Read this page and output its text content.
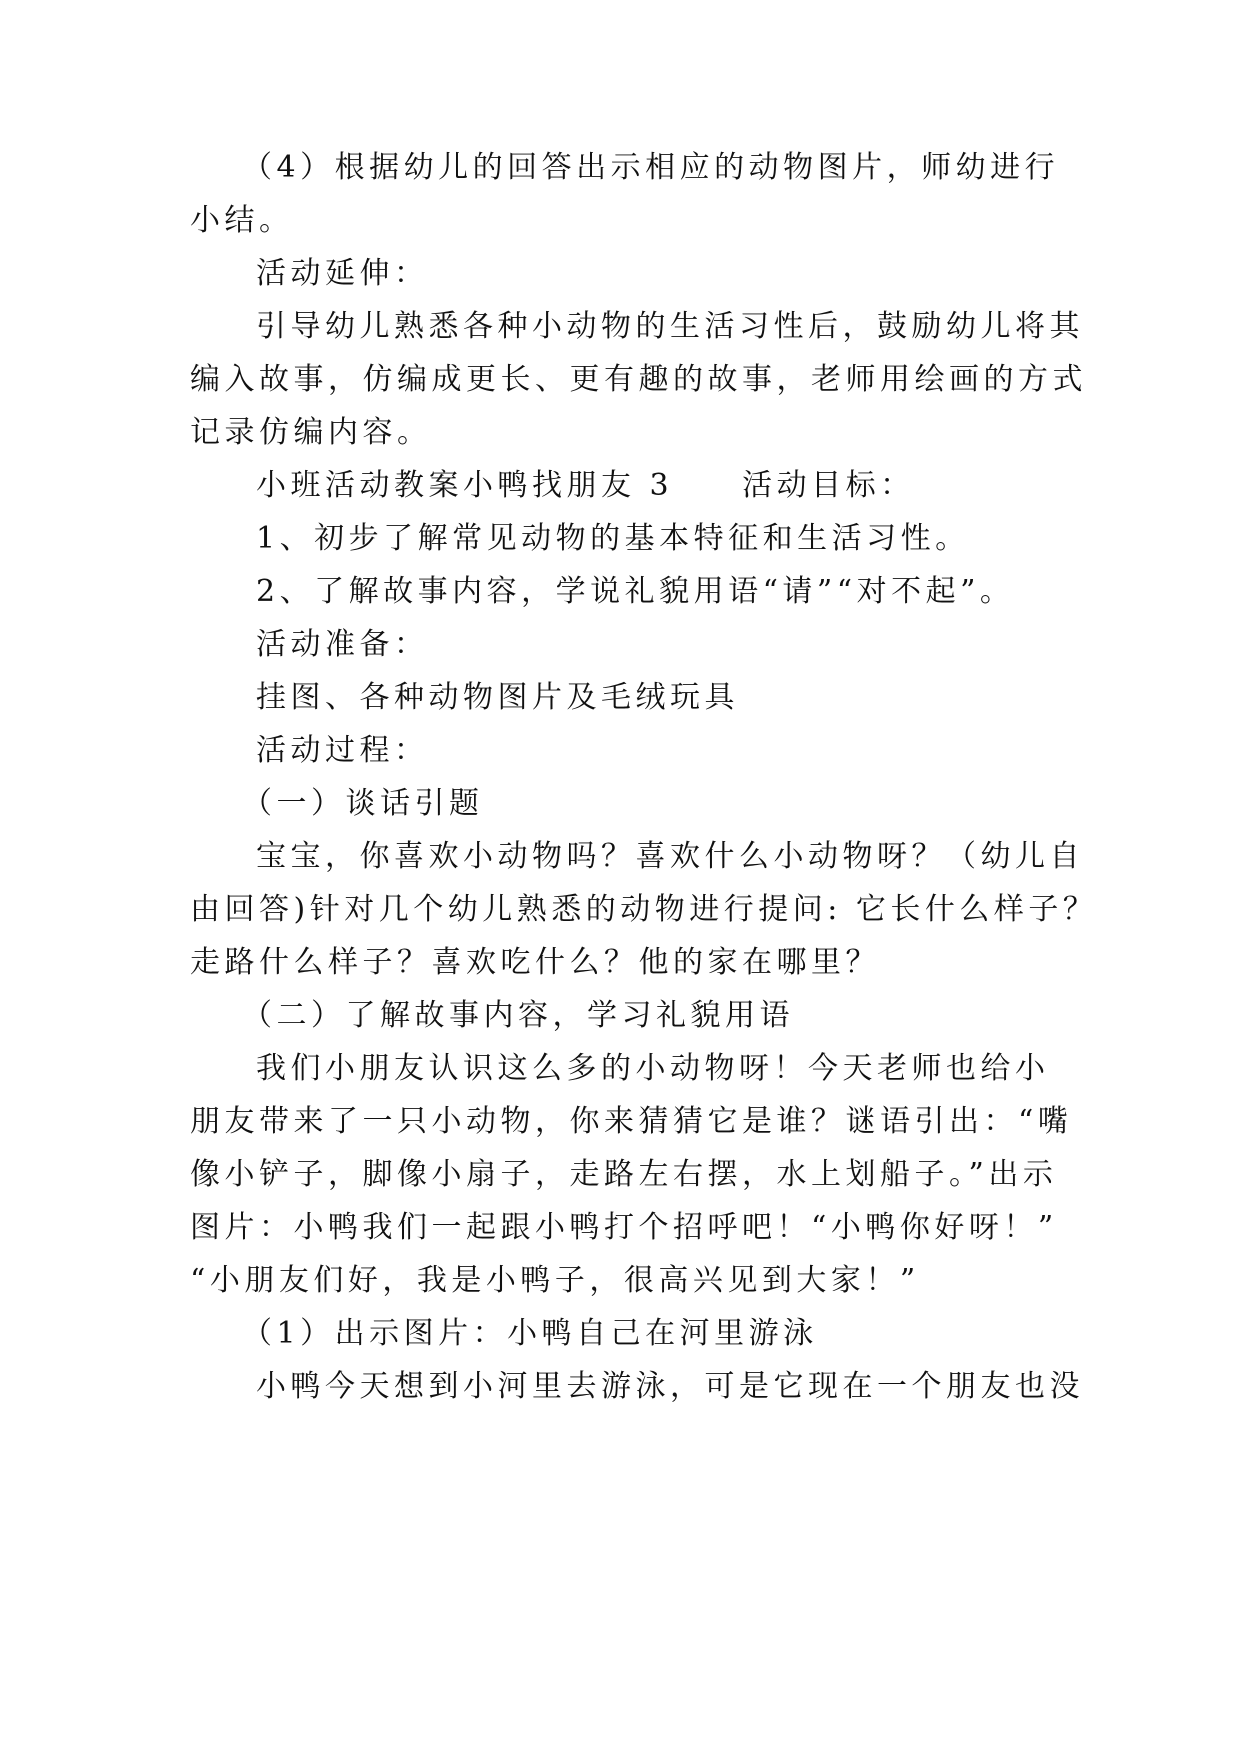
（4）根据幼儿的回答出示相应的动物图片，师幼进行
小结。
活动延伸：
引导幼儿熟悉各种小动物的生活习性后，鼓励幼儿将其
编入故事，仿编成更长、更有趣的故事，老师用绘画的方式
记录仿编内容。
小班活动教案小鸭找朋友 3　　活动目标：
1、初步了解常见动物的基本特征和生活习性。
2、了解故事内容，学说礼貌用语“请”“对不起”。
活动准备：
挂图、各种动物图片及毛绒玩具
活动过程：
（一）谈话引题
宝宝，你喜欢小动物吗？喜欢什么小动物呀？（幼儿自
由回答)针对几个幼儿熟悉的动物进行提问: 它长什么样子？
走路什么样子？喜欢吃什么？他的家在哪里？
（二）了解故事内容，学习礼貌用语
我们小朋友认识这么多的小动物呀！今天老师也给小
朋友带来了一只小动物，你来猜猜它是谁？谜语引出：“嘴
像小铲子，脚像小扇子，走路左右摆，水上划船子。”出示
图片：小鸭我们一起跟小鸭打个招呼吧！“小鸭你好呀！”
“小朋友们好，我是小鸭子，很高兴见到大家！”
（1）出示图片：小鸭自己在河里游泳
小鸭今天想到小河里去游泳，可是它现在一个朋友也没
